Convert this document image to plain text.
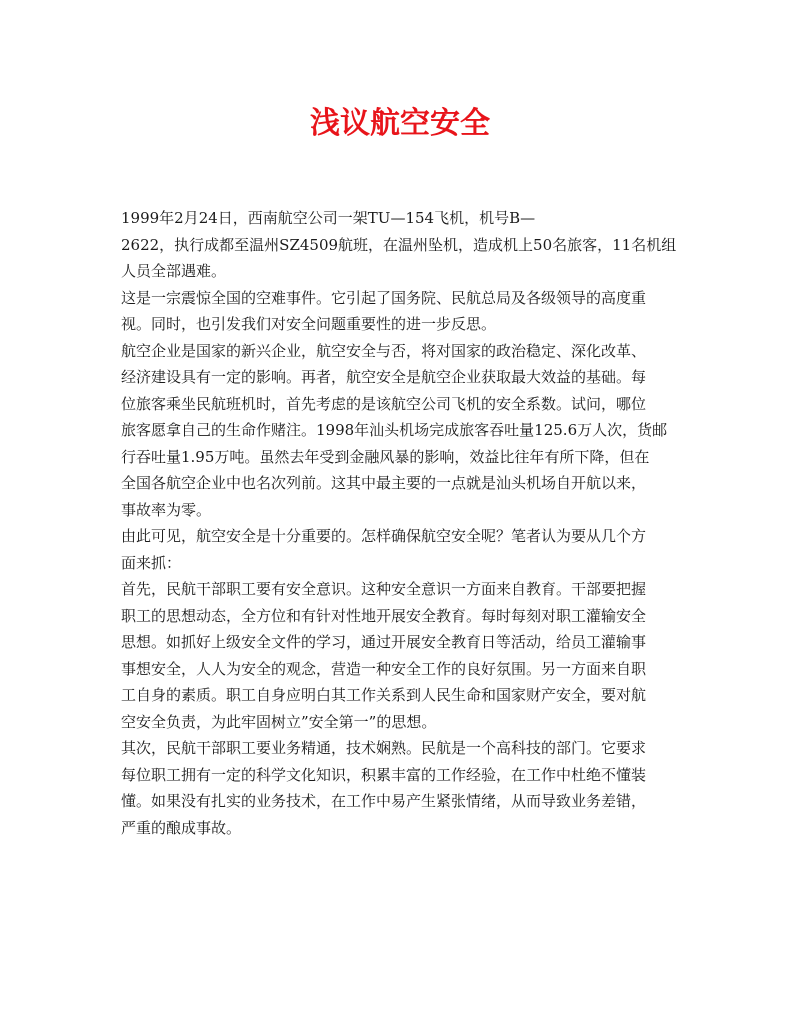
浅议航空安全
1999年2月24日，西南航空公司一架TU—154飞机，机号B—
2622，执行成都至温州SZ4509航班，在温州坠机，造成机上50名旅客，11名机组
人员全部遇难。
这是一宗震惊全国的空难事件。它引起了国务院、民航总局及各级领导的高度重
视。同时，也引发我们对安全问题重要性的进一步反思。
航空企业是国家的新兴企业，航空安全与否，将对国家的政治稳定、深化改革、
经济建设具有一定的影响。再者，航空安全是航空企业获取最大效益的基础。每
位旅客乘坐民航班机时，首先考虑的是该航空公司飞机的安全系数。试问，哪位
旅客愿拿自己的生命作赌注。1998年汕头机场完成旅客吞吐量125.6万人次，货邮
行吞吐量1.95万吨。虽然去年受到金融风暴的影响，效益比往年有所下降，但在
全国各航空企业中也名次列前。这其中最主要的一点就是汕头机场自开航以来，
事故率为零。
由此可见，航空安全是十分重要的。怎样确保航空安全呢？笔者认为要从几个方
面来抓：
首先，民航干部职工要有安全意识。这种安全意识一方面来自教育。干部要把握
职工的思想动态，全方位和有针对性地开展安全教育。每时每刻对职工灌输安全
思想。如抓好上级安全文件的学习，通过开展安全教育日等活动，给员工灌输事
事想安全，人人为安全的观念，营造一种安全工作的良好氛围。另一方面来自职
工自身的素质。职工自身应明白其工作关系到人民生命和国家财产安全，要对航
空安全负责，为此牢固树立”安全第一”的思想。
其次，民航干部职工要业务精通，技术娴熟。民航是一个高科技的部门。它要求
每位职工拥有一定的科学文化知识，积累丰富的工作经验，在工作中杜绝不懂装
懂。如果没有扎实的业务技术，在工作中易产生紧张情绪，从而导致业务差错，
严重的酿成事故。
